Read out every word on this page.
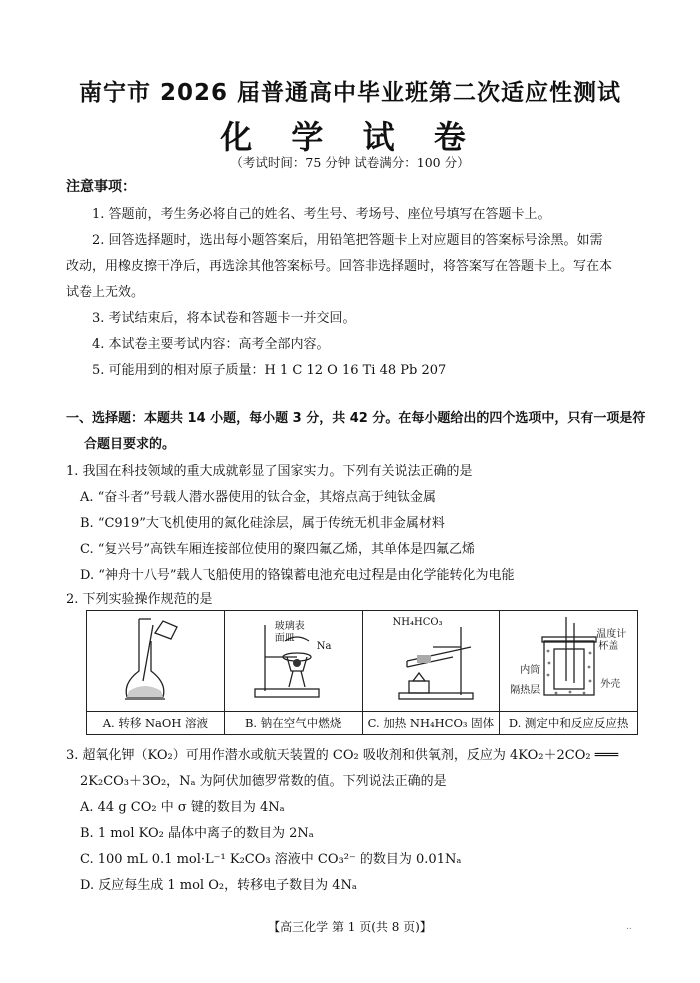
南宁市 2026 届普通高中毕业班第二次适应性测试
化 学 试 卷
（考试时间：75 分钟 试卷满分：100 分）
注意事项：
1. 答题前，考生务必将自己的姓名、考生号、考场号、座位号填写在答题卡上。
2. 回答选择题时，选出每小题答案后，用铅笔把答题卡上对应题目的答案标号涂黑。如需
改动，用橡皮擦干净后，再选涂其他答案标号。回答非选择题时，将答案写在答题卡上。写在本
试卷上无效。
3. 考试结束后，将本试卷和答题卡一并交回。
4. 本试卷主要考试内容：高考全部内容。
5. 可能用到的相对原子质量：H 1 C 12 O 16 Ti 48 Pb 207
一、选择题：本题共 14 小题，每小题 3 分，共 42 分。在每小题给出的四个选项中，只有一项是符
合题目要求的。
1. 我国在科技领域的重大成就彰显了国家实力。下列有关说法正确的是
A. “奋斗者”号载人潜水器使用的钛合金，其熔点高于纯钛金属
B. “C919”大飞机使用的氮化硅涂层，属于传统无机非金属材料
C. “复兴号”高铁车厢连接部位使用的聚四氟乙烯，其单体是四氟乙烯
D. “神舟十八号”载人飞船使用的铬镍蓄电池充电过程是由化学能转化为电能
2. 下列实验操作规范的是
A. 转移 NaOH 溶液
玻璃表
面皿
Na
B. 钠在空气中燃烧
NH₄HCO₃
C. 加热 NH₄HCO₃ 固体
温度计
杯盖
内筒
隔热层
外壳
D. 测定中和反应反应热
3. 超氧化钾（KO₂）可用作潜水或航天装置的 CO₂ 吸收剂和供氧剂，反应为 4KO₂＋2CO₂ ═══
2K₂CO₃＋3O₂，Nₐ 为阿伏加德罗常数的值。下列说法正确的是
A. 44 g CO₂ 中 σ 键的数目为 4Nₐ
B. 1 mol KO₂ 晶体中离子的数目为 2Nₐ
C. 100 mL 0.1 mol·L⁻¹ K₂CO₃ 溶液中 CO₃²⁻ 的数目为 0.01Nₐ
D. 反应每生成 1 mol O₂，转移电子数目为 4Nₐ
【高三化学 第 1 页(共 8 页)】	..
